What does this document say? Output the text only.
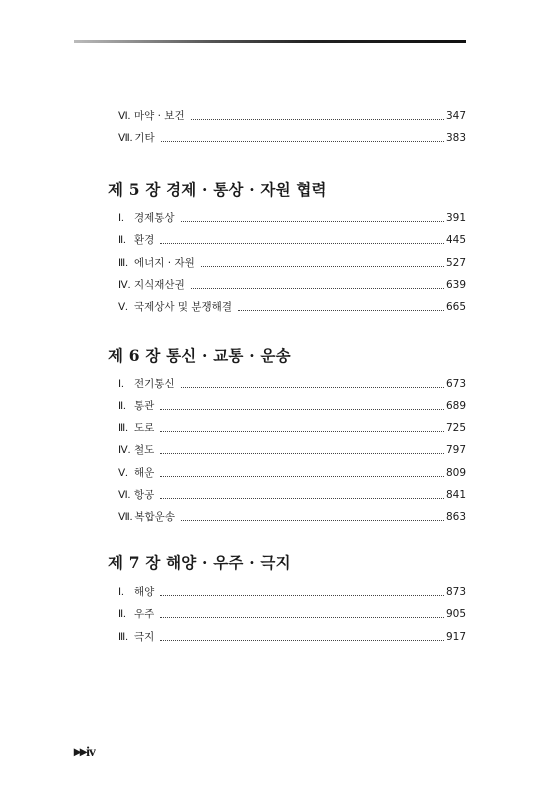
Ⅵ. 마약 · 보건	347
Ⅶ. 기타	383
제 5 장 경제 · 통상 · 자원 협력
Ⅰ. 경제통상	391
Ⅱ. 환경	445
Ⅲ. 에너지 · 자원	527
Ⅳ. 지식재산권	639
Ⅴ. 국제상사 및 분쟁해결	665
제 6 장 통신 · 교통 · 운송
Ⅰ. 전기통신	673
Ⅱ. 통관	689
Ⅲ. 도로	725
Ⅳ. 철도	797
Ⅴ. 해운	809
Ⅵ. 항공	841
Ⅶ. 복합운송	863
제 7 장 해양 · 우주 · 극지
Ⅰ. 해양	873
Ⅱ. 우주	905
Ⅲ. 극지	917
▸▸iv
